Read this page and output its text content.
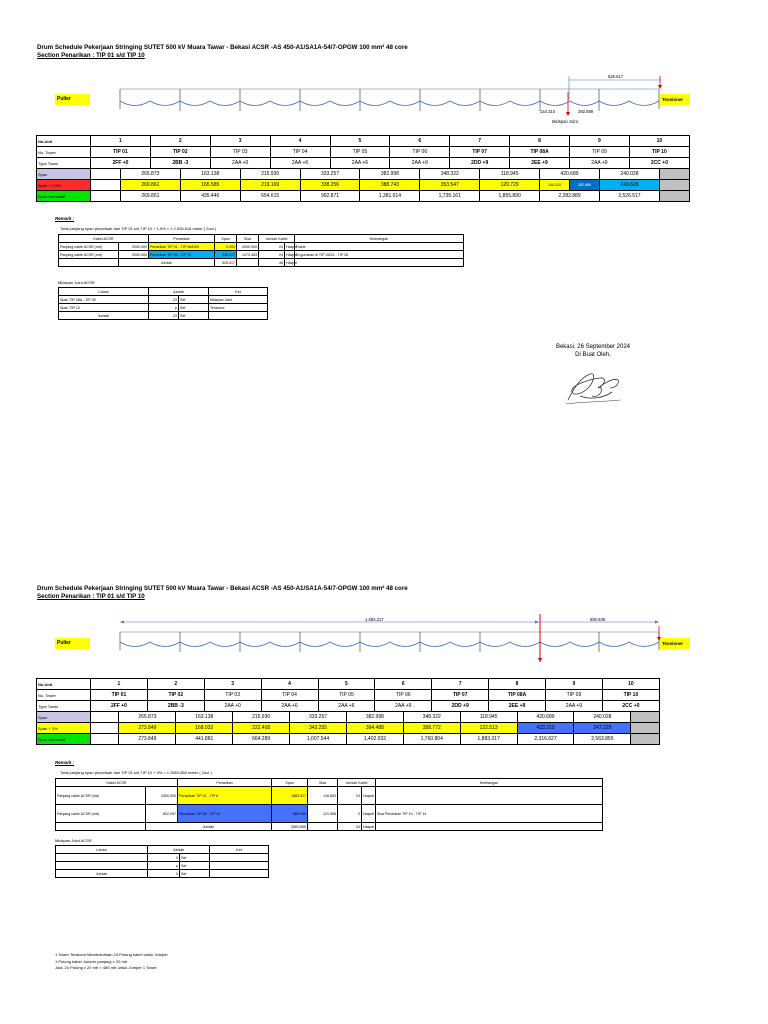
Drum Schedule Pekerjaan Stringing SUTET 500 kV Muara Tawar - Bekasi ACSR -AS 450-A1/SA1A-54/7-OPGW 100 mm² 48 core
Section Penarikan : TIP 01 s/d TIP 10
526.517
144.310	282.889
Midspan Joint
Puller	Tensioner
No.Unit	1		2		3		4		5		6		7		8		9		10	
No. Tower	TIP 01		TIP 02		TIP 03		TIP 04		TIP 05		TIP 06		TIP 07		TIP 08A		TIP 09		TIP 10	
Type Tower	2FF +0		2BB -3		2AA +0		2AA +6		2AA +6		2AA +9		2DD +9		2EE +9		2AA +9		2CC +0	
Span		265.873		163.138		215.930		333.257		382.998		348.322		118.945		420.689		240.028		
Span + 1,5%		269.861		165.585		219.169		338.256		388.743		353.547		120.729		144.310	282.889	243.628		
Span Kumulatif		269.861		435.446		654.615		992.871		1,381.614		1,735.161		1,855.890		2,282.889		2,526.517		
Remark :
Total panjang span penarikan dari TIP 01 s/d TIP 10 + 1,5% = ± 2.526,518 meter ( 2oct )
Kabel ACSR		Penarikan	Span	Sisa	Jumlah Kabel		Keterangan
Panjang cable ACSR (mtr)	2000.000	Penarikan TIP 01 - TIP 08A/09	0.000	2000.000	24	Haspel	Fiakle
Panjang cable ACSR (mtr)	2000.000	Penarikan TIP 08 - TIP 10	526.517	1473.483	24	Haspel	Di gunakan di TIP 25/24 - TIP 26
	Jumlah		526.517		48	Haspel	
Midspan Joint ACSR
Lokasi	Jumlah		Ket
Span TIP 08A - TIP 09	24	Set	Midspan Joint
Span TIP 10	p	Set	Tensiond
Jumlah	24	Set	
Bekasi, 26 September 2024
Di Buat Oleh,
Drum Schedule Pekerjaan Stringing SUTET 500 kV Muara Tawar - Bekasi ACSR -AS 450-A1/SA1A-54/7-OPGW 100 mm² 48 core
Section Penarikan : TIP 01 s/d TIP 10
1,883.317	680.539
Puller	Tensioner
No.Unit	1		2		3		4		5		6		7		8		9		10	
No. Tower	TIP 01		TIP 02		TIP 03		TIP 04		TIP 05		TIP 06		TIP 07		TIP 08A		TIP 09		TIP 10	
Type Tower	2FF +0		2BB -3		2AA +0		2AA +6		2AA +6		2AA +9		2DD +9		2EE +9		2AA +9		2CC +0	
Span		265.873		163.138		215.930		333.257		382.998		348.322		118.945		420.689		240.028		
Span + 3%		273.849		168.032		222.408		343.255		394.488		358.772		122.513		433.310		247.229		
Span Kumulatif		273.849		441.881		664.289		1,007.544		1,402.032		1,760.804		1,883.317		2,316.627		2,563.855		
Remark :
Total panjang span penarikan dari TIP 01 s/d TIP 10 + 3% = ± 2563,855 meter ( 2oct )
Kabel ACSR		Penarikan	Span	Sisa	Jumlah Kabel		Keterangan
Panjang cable ACSR (mtr)	2000.000	Penarikan TIP 01 - TIP 8	1883.317	116.683	24	Haspel	
Panjang cable ACSR (mtr)	802.097	Penarikan TIP 08 - TIP 10	680.539	121.558	0	Haspel	Sisa Penarikan TIP 10 - TIP 14
	Jumlah		2563.855		24	Haspel	
Midspan Joint ACSR
Lokasi	Jumlah		Ket
	0	Set	
	p	Set	
Jumlah	0	Set	
1 Tower Tensiond Membutuhkan 24 Potong kabel untuk Jumper
1 Potong kabel Jumper panjang ± 20 mtr
Jadi, 24 Potong x 20 mtr = 480 mtr untuk Jumper 1 Tower
